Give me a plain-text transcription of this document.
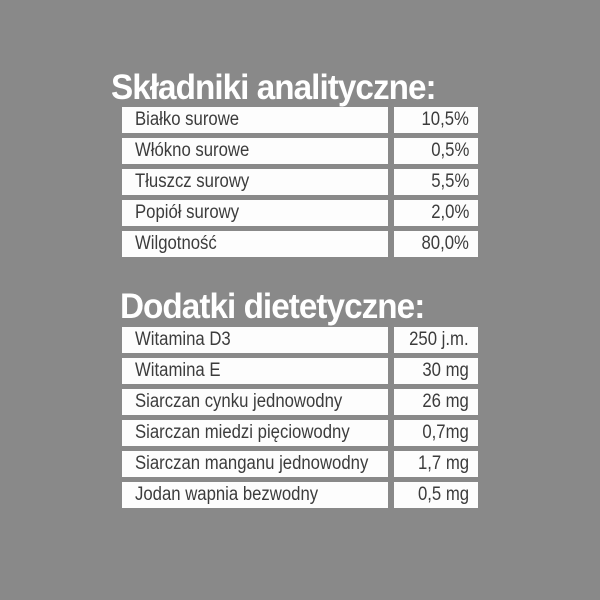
Składniki analityczne:
Białko surowe	10,5%
Włókno surowe	0,5%
Tłuszcz surowy	5,5%
Popiół surowy	2,0%
Wilgotność	80,0%
Dodatki dietetyczne:
Witamina D3	250 j.m.
Witamina E	30 mg
Siarczan cynku jednowodny	26 mg
Siarczan miedzi pięciowodny	0,7mg
Siarczan manganu jednowodny	1,7 mg
Jodan wapnia bezwodny	0,5 mg
